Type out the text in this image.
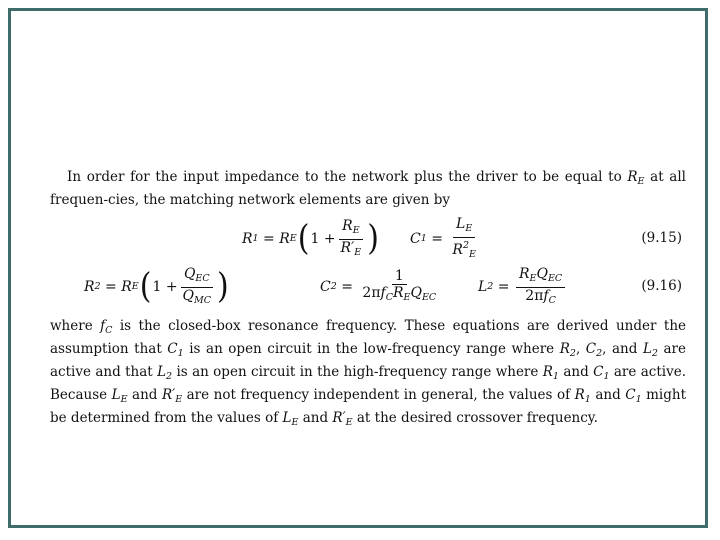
In order for the input impedance to the network plus the driver to be equal to $R_E$ at all frequen-cies, the matching network elements are given by

R 1
= R E ( 1
+ $\frac{R_E}{R'_E}$ ) C 1
=
$\frac{L_E}{R^2_E}$	(9.15)
R 2
= R E ( 1
+ $\frac{Q_{EC}}{Q_{MC}}$ )	C 2
=
$\frac{1}{2\pi f_CR_EQ_{EC}}$	L 2
=
$\frac{R_EQ_{EC}}{2\pi f_C}$	(9.16)

where $f_C$ is the closed-box resonance frequency. These equations are derived under the assumption that $C_1$ is an open circuit in the low-frequency range where $R_2$, $C_2$, and $L_2$ are active and that $L_2$ is an open circuit in the high-frequency range where $R_1$ and $C_1$ are active. Because $L_E$ and $R'_E$ are not frequency independent in general, the values of $R_1$ and $C_1$ might be determined from the values of $L_E$ and $R'_E$ at the desired crossover frequency.
